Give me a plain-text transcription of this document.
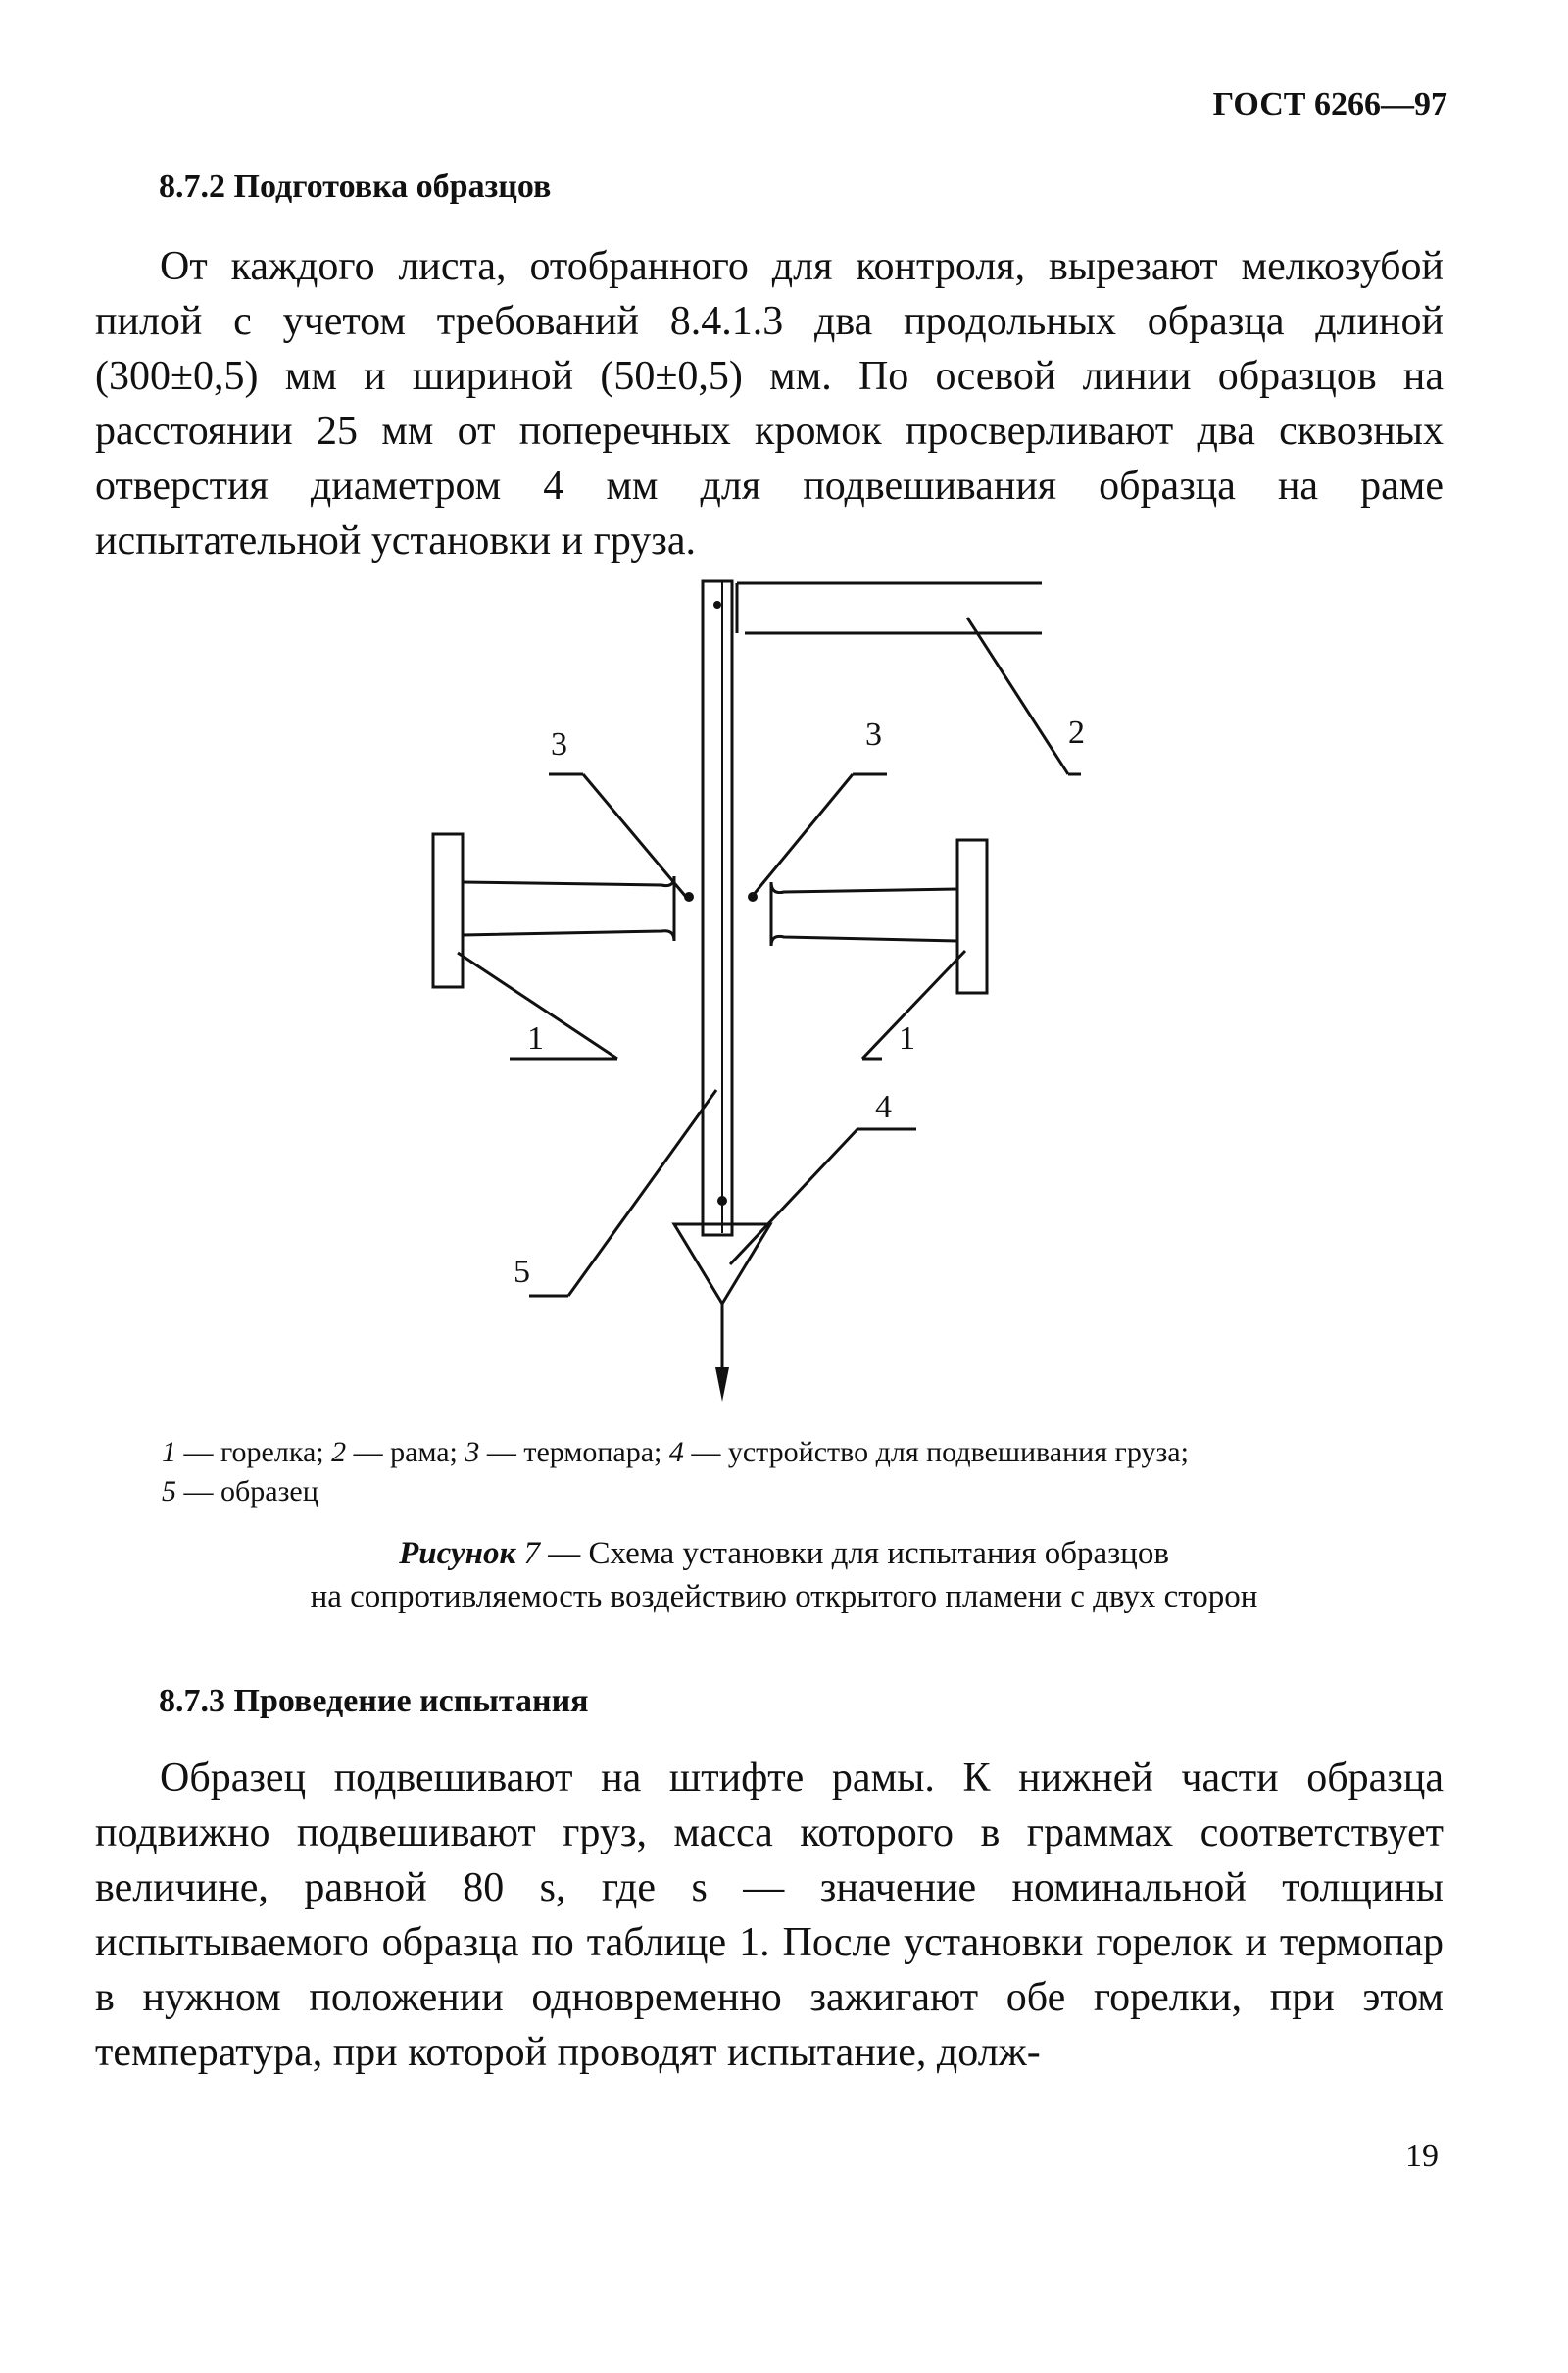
ГОСТ 6266—97
8.7.2 Подготовка образцов

От каждого листа, отобранного для контроля, вырезают мелкозубой пилой с учетом требований 8.4.1.3 два продольных образца длиной (300±0,5) мм и шириной (50±0,5) мм. По осевой линии образцов на расстоянии 25 мм от поперечных кромок просверливают два сквозных отверстия диаметром 4 мм для подвешивания образца на раме испытательной установки и груза.

2
3	3
1	1
4
5
1 — горелка; 2 — рама; 3 — термопара; 4 — устройство для подвешивания груза;
5 — образец
Рисунок 7 — Схема установки для испытания образцов
на сопротивляемость воздействию открытого пламени с двух сторон
8.7.3 Проведение испытания

Образец подвешивают на штифте рамы. К нижней части образца подвижно подвешивают груз, масса которого в граммах соответствует величине, равной 80 s, где s — значение номинальной толщины испытываемого образца по таблице 1. После установки горелок и термопар в нужном положении одновременно зажигают обе горелки, при этом температура, при которой проводят испытание, долж-

19
